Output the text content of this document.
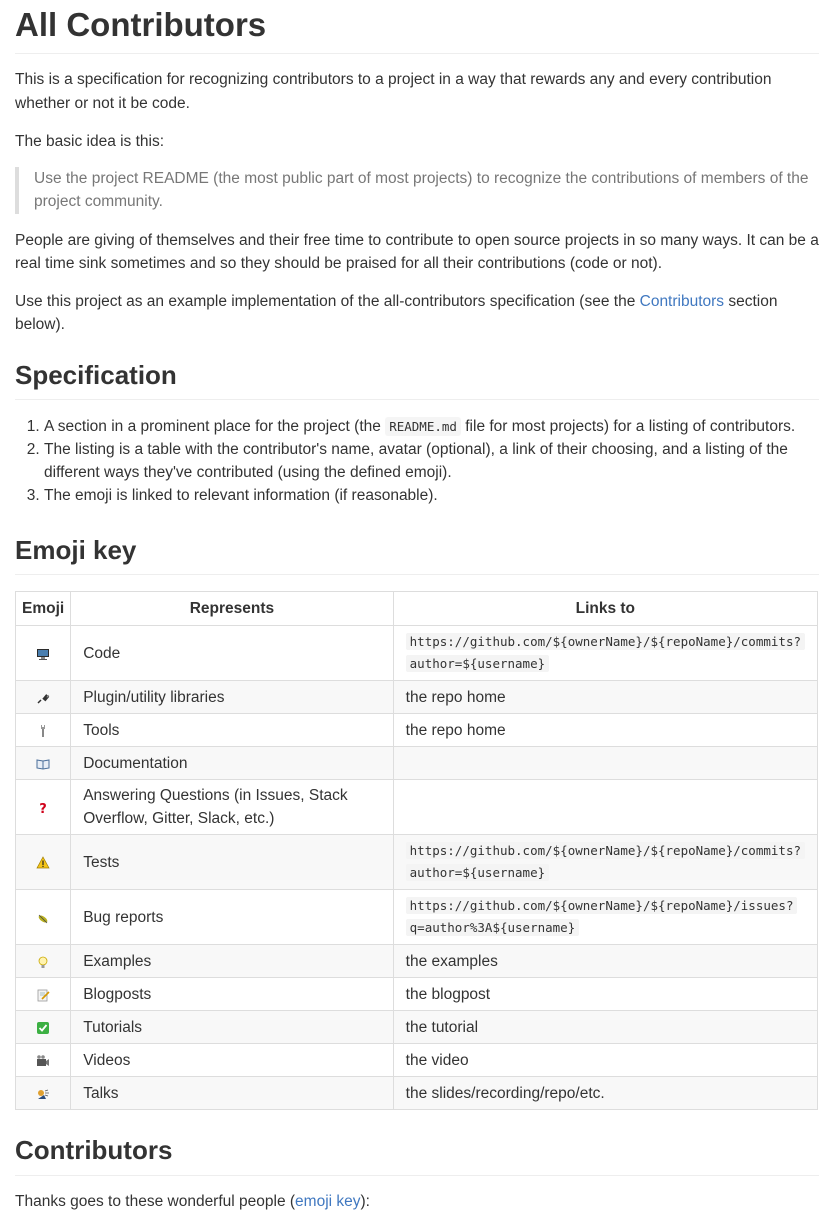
All Contributors

This is a specification for recognizing contributors to a project in a way that rewards any and every contribution whether or not it be code.

The basic idea is this:

Use the project README (the most public part of most projects) to recognize the contributions of members of the project community.

People are giving of themselves and their free time to contribute to open source projects in so many ways. It can be a real time sink sometimes and so they should be praised for all their contributions (code or not).

Use this project as an example implementation of the all-contributors specification (see the Contributors section below).

Specification
1. A section in a prominent place for the project (the README.md file for most projects) for a listing of contributors.
2. The listing is a table with the contributor's name, avatar (optional), a link of their choosing, and a listing of the different ways they've contributed (using the defined emoji).
3. The emoji is linked to relevant information (if reasonable).
Emoji key
Emoji	Represents	Links to
	Code	https://github.com/${ownerName}/${repoName}/commits?
author=${username}
	Plugin/utility libraries	the repo home
	Tools	the repo home
	Documentation	

?	Answering Questions (in Issues, Stack
Overflow, Gitter, Slack, etc.)	
	Tests	https://github.com/${ownerName}/${repoName}/commits?
author=${username}
	Bug reports	https://github.com/${ownerName}/${repoName}/issues?
q=author%3A${username}
	Examples	the examples
	Blogposts	the blogpost
	Tutorials	the tutorial
	Videos	the video
	Talks	the slides/recording/repo/etc.
Contributors

Thanks goes to these wonderful people (emoji key):
